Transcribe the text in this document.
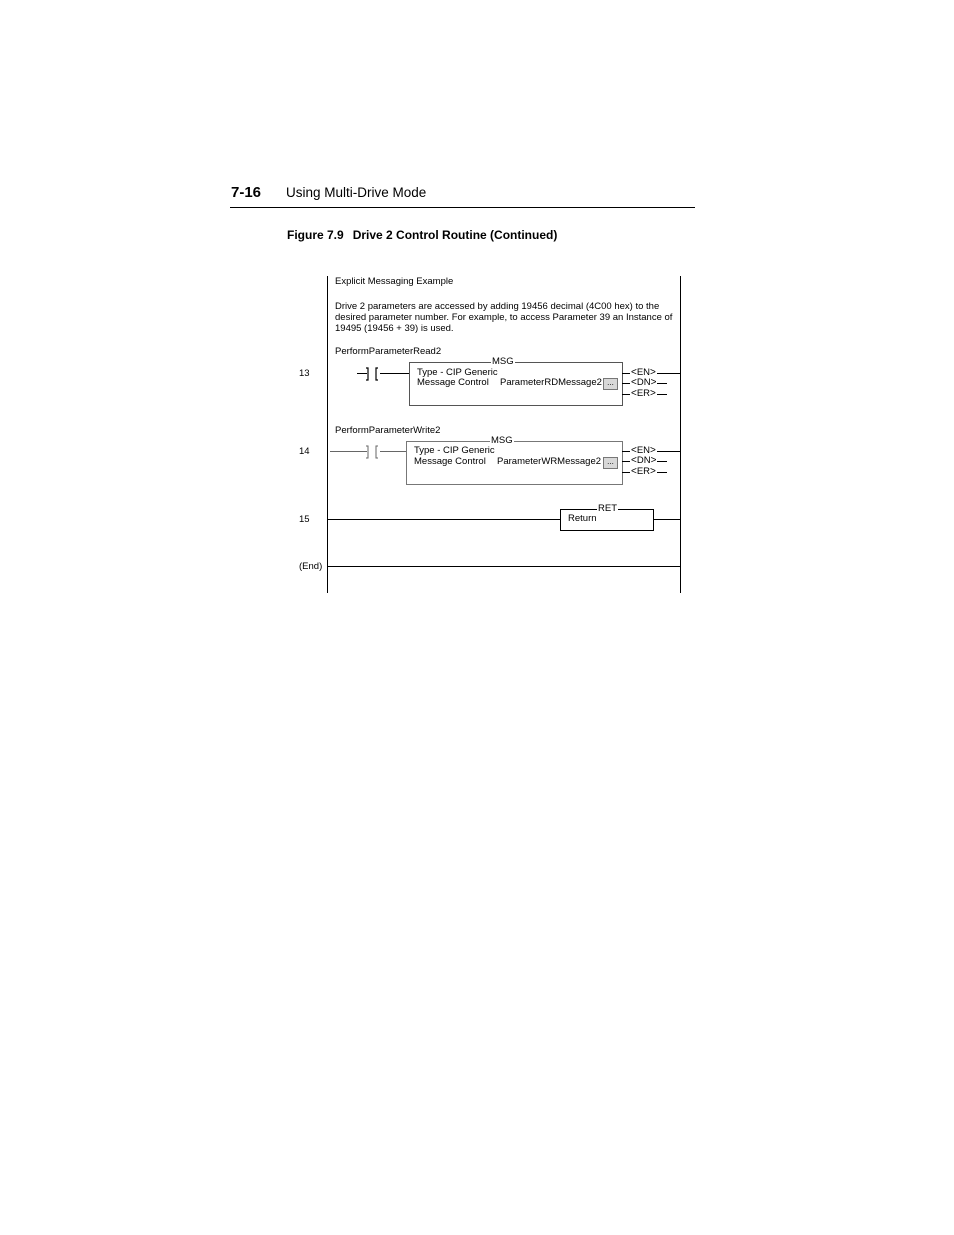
7-16 Using Multi-Drive Mode
Figure 7.9 Drive 2 Control Routine (Continued)
Explicit Messaging Example
Drive 2 parameters are accessed by adding 19456 decimal (4C00 hex) to the
desired parameter number. For example, to access Parameter 39 an Instance of
19495 (19456 + 39) is used.
13
PerformParameterRead2
MSG
Type - CIP Generic
Message Control ParameterRDMessage2 ...
<EN>
<DN>
<ER>
14
PerformParameterWrite2
MSG
Type - CIP Generic
Message Control ParameterWRMessage2 ...
<EN>
<DN>
<ER>
15
RET
Return
(End)
